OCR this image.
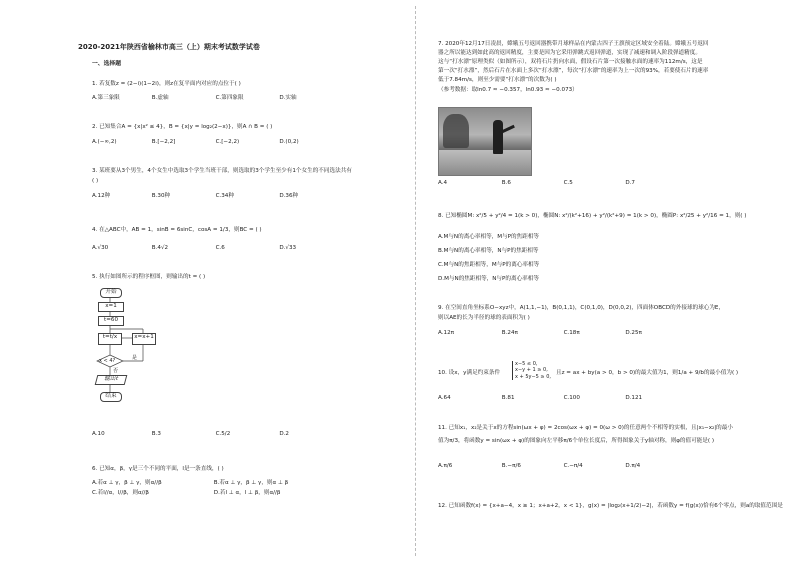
2020-2021年陕西省榆林市高三（上）期末考试数学试卷
一、选择题
1. 若复数z = (2−i)(1−2i)，则z在复平面内对应的点位于( )
A.第三象限	B.虚轴	C.第四象限	D.实轴
2. 已知集合A = {x|x² ≤ 4}，B = {x|y = log₂(2−x)}，则A ∩ B = ( )
A.(−∞,2)	B.[−2,2]	C.[−2,2)	D.(0,2)
3. 某班要从3个男生，4个女生中选取3个学生当班干部，则选取的3个学生至少有1个女生的不同选法共有
( )
A.12种	B.30种	C.34种	D.36种
4. 在△ABC中，AB = 1，sinB = 6sinC，cosA = 1/3，则BC = ( )
A.√30	B.4√2	C.6	D.√33
5. 执行如图所示的程序框图，则输出的t = ( )
开始
x=1
t=60
t=t/x	x=x+1
x < 4?	是
否
输出t
结束
A.10	B.3	C.5/2	D.2
6. 已知α，β，γ是三个不同的平面，l是一条直线，( )
A.若α ⊥ γ，β ⊥ γ，则α//β	B.若α ⊥ γ，β ⊥ γ，则α ⊥ β
C.若l//α，l//β，则α//β	D.若l ⊥ α，l ⊥ β，则α//β
7. 2020年12月17日凌晨，嫦娥五号返回器携带月球样品在内蒙古四子王旗预定区域安全着陆。嫦娥五号返回
器之所以能达到如此高的返回精度，主要是因为它采用弹跳式返回弹道，实现了减速和调入阶段弹道精度。
这与“打水漂”原理类似（如图所示），双将石片扔向水面，假设石片第一次接触水面的速率为112m/s，这是
第一次“打水漂”，然后石片在水面上多次“打水漂”，每次“打水漂”的速率为上一次的93%，若要使石片的速率
低于7.84m/s，则至少需要“打水漂”的次数为( )
（参考数据：取ln0.7 ≈ −0.357，ln0.93 ≈ −0.073）
A.4	B.6	C.5	D.7
8. 已知椭圆M: x²/5 + y²/4 = 1(k > 0)，椭圆N: x²/(k²+16) + y²/(k²+9) = 1(k > 0)，椭圆P: x²/25 + y²/16 = 1，则( )
A.M与N的离心率相等，M与P的焦距相等
B.M与N的离心率相等，N与P的焦距相等
C.M与N的焦距相等，M与P的离心率相等
D.M与N的焦距相等，N与P的离心率相等
9. 在空间直角坐标系O−xyz中，A(1,1,−1)，B(0,1,1)，C(0,1,0)，D(0,0,2)，四面体OBCD的外接球的球心为E，
则以AE的长为半径的球的表面积为( )
A.12π	B.24π	C.18π	D.25π
10. 设x，y满足约束条件
x−5 ≤ 0,
x−y + 1 ≥ 0,
x + 5y−5 ≥ 0,
且z = ax + by(a > 0，b > 0)的最大值为1，则1/a + 9/b的最小值为( )
A.64	B.81	C.100	D.121
11. 已知x₁，x₂是关于x的方程sin(ωx + φ) = 2cos(ωx + φ) = 0(ω > 0)的任意两个不相等的实根，且|x₁−x₂|的最小
值为π/3，将函数y = sin(ωx + φ)的图象向左平移π/6个单位长度后，所得图象关于y轴对称，则φ的值可能是( )
A.π/6	B.−π/6	C.−π/4	D.π/4
12. 已知函数f(x) = {x+a−4，x ≥ 1；x+a+2，x < 1}，g(x) = |log₂(x+1/2)−2|，若函数y = f(g(x))恰有6个零点，则a的取值范围是
